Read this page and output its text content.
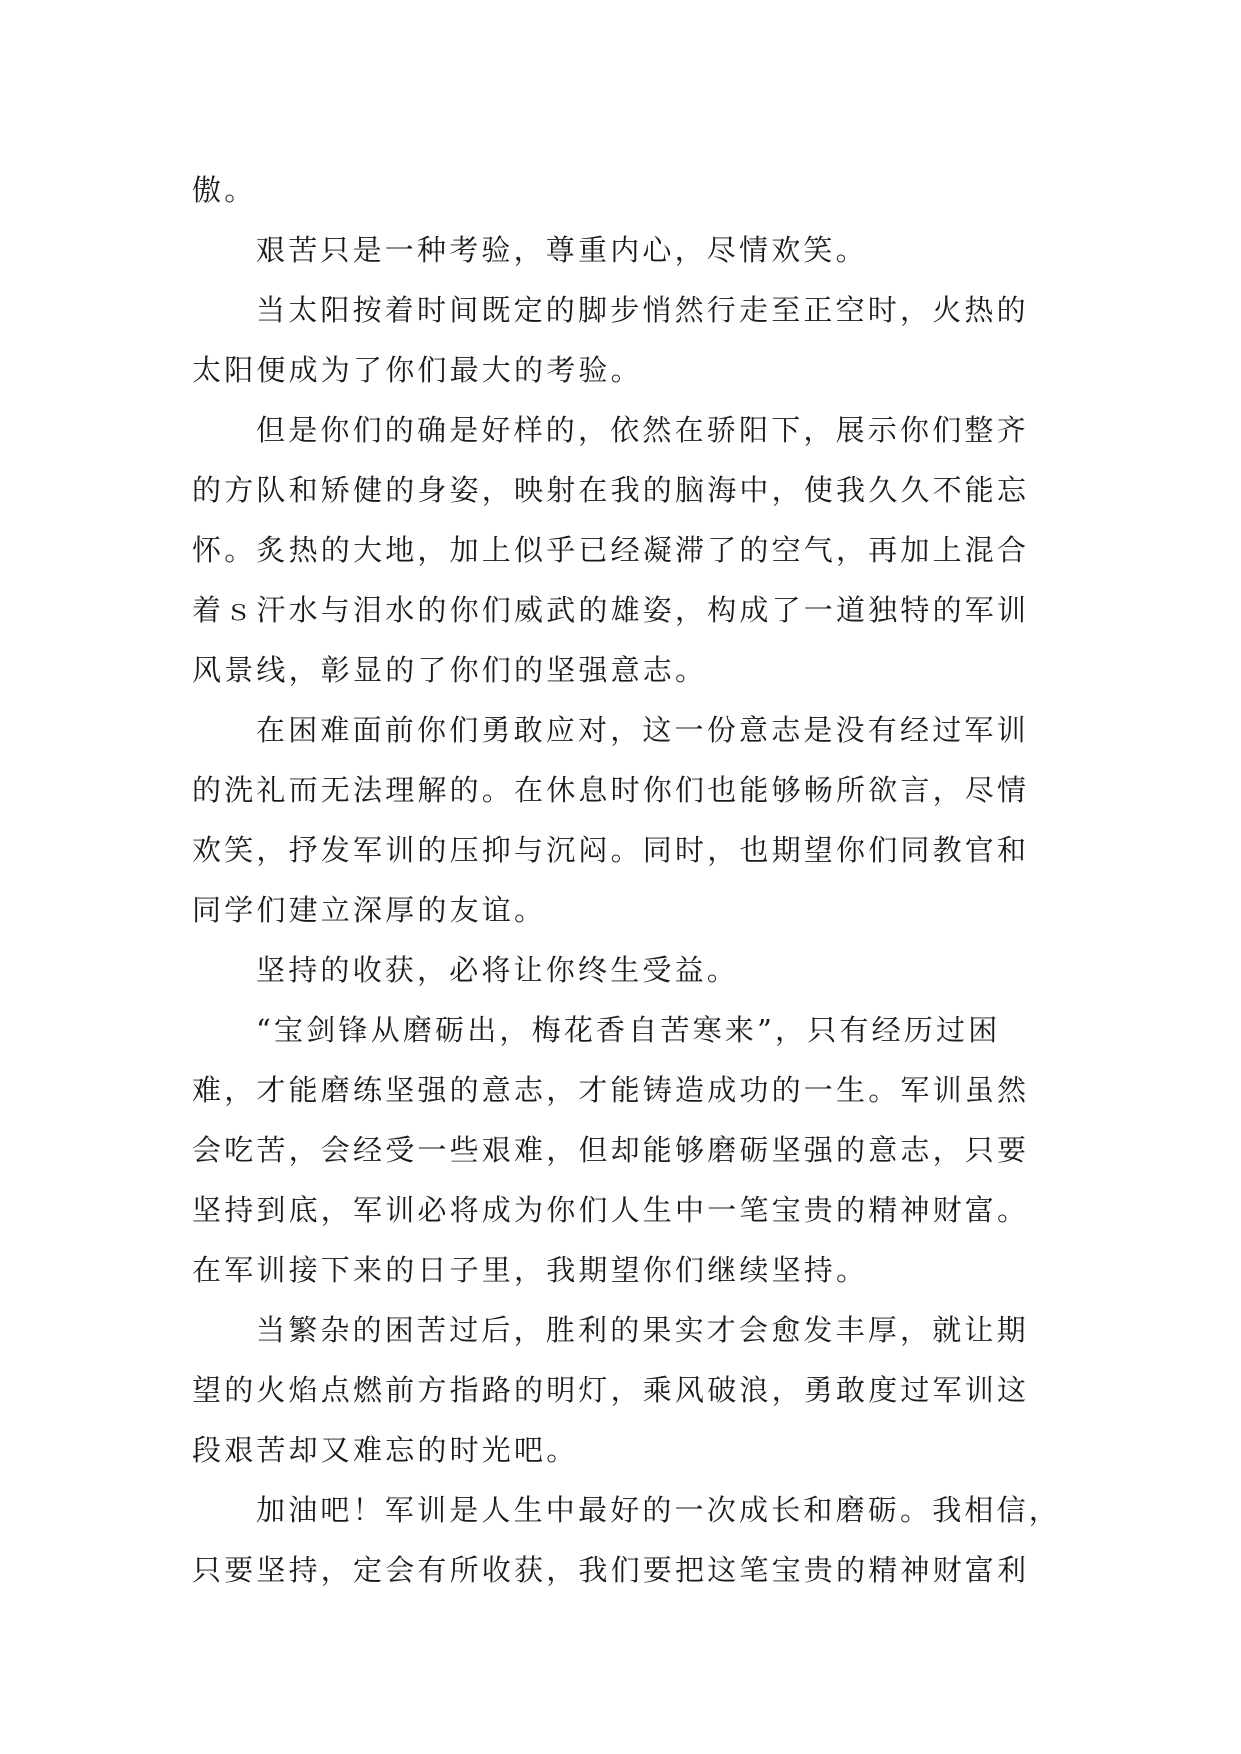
傲。
艰苦只是一种考验，尊重内心，尽情欢笑。
当太阳按着时间既定的脚步悄然行走至正空时，火热的
太阳便成为了你们最大的考验。
但是你们的确是好样的，依然在骄阳下，展示你们整齐
的方队和矫健的身姿，映射在我的脑海中，使我久久不能忘
怀。炙热的大地，加上似乎已经凝滞了的空气，再加上混合
着ｓ汗水与泪水的你们威武的雄姿，构成了一道独特的军训
风景线，彰显的了你们的坚强意志。
在困难面前你们勇敢应对，这一份意志是没有经过军训
的洗礼而无法理解的。在休息时你们也能够畅所欲言，尽情
欢笑，抒发军训的压抑与沉闷。同时，也期望你们同教官和
同学们建立深厚的友谊。
坚持的收获，必将让你终生受益。
“宝剑锋从磨砺出，梅花香自苦寒来”，只有经历过困
难，才能磨练坚强的意志，才能铸造成功的一生。军训虽然
会吃苦，会经受一些艰难，但却能够磨砺坚强的意志，只要
坚持到底，军训必将成为你们人生中一笔宝贵的精神财富。
在军训接下来的日子里，我期望你们继续坚持。
当繁杂的困苦过后，胜利的果实才会愈发丰厚，就让期
望的火焰点燃前方指路的明灯，乘风破浪，勇敢度过军训这
段艰苦却又难忘的时光吧。
加油吧！军训是人生中最好的一次成长和磨砺。我相信，
只要坚持，定会有所收获，我们要把这笔宝贵的精神财富利
